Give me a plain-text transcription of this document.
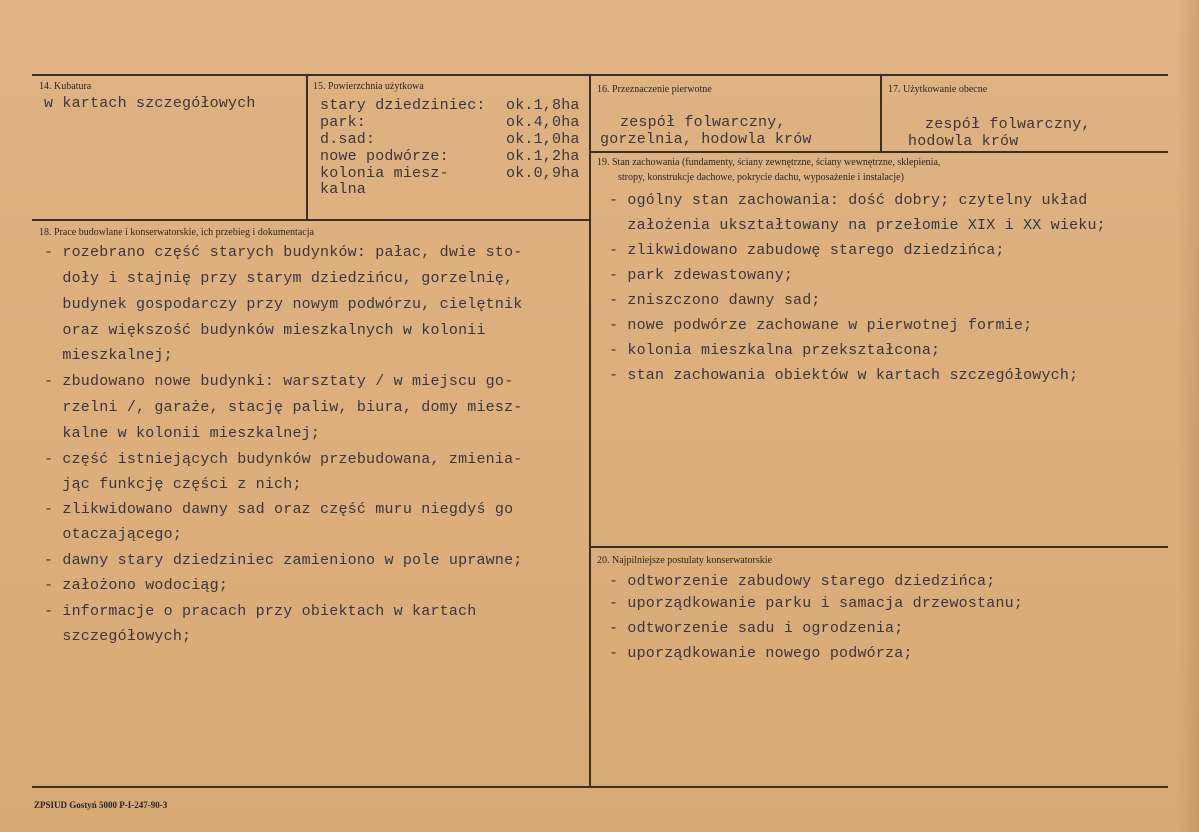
14. Kubatura
w kartach szczegółowych
15. Powierzchnia użytkowa
stary dziedziniec: ok.1,8ha
park:	ok.4,0ha
d.sad:	ok.1,0ha
nowe podwórze:	ok.1,2ha
kolonia miesz-	ok.0,9ha
kalna
16. Przeznaczenie pierwotne
zespół folwarczny,
gorzelnia, hodowla krów
17. Użytkowanie obecne
zespół folwarczny,
hodowla krów
18. Prace budowlane i konserwatorskie, ich przebieg i dokumentacja
- rozebrano część starych budynków: pałac, dwie sto-
doły i stajnię przy starym dziedzińcu, gorzelnię,
budynek gospodarczy przy nowym podwórzu, cielętnik
oraz większość budynków mieszkalnych w kolonii
mieszkalnej;
- zbudowano nowe budynki: warsztaty / w miejscu go-
rzelni /, garaże, stację paliw, biura, domy miesz-
kalne w kolonii mieszkalnej;
- część istniejących budynków przebudowana, zmienia-
jąc funkcję części z nich;
- zlikwidowano dawny sad oraz część muru niegdyś go
otaczającego;
- dawny stary dziedziniec zamieniono w pole uprawne;
- założono wodociąg;
- informacje o pracach przy obiektach w kartach
szczegółowych;
19. Stan zachowania (fundamenty, ściany zewnętrzne, ściany wewnętrzne, sklepienia,
stropy, konstrukcje dachowe, pokrycie dachu, wyposażenie i instalacje)
- ogólny stan zachowania: dość dobry; czytelny układ
założenia ukształtowany na przełomie XIX i XX wieku;
- zlikwidowano zabudowę starego dziedzińca;
- park zdewastowany;
- zniszczono dawny sad;
- nowe podwórze zachowane w pierwotnej formie;
- kolonia mieszkalna przekształcona;
- stan zachowania obiektów w kartach szczegółowych;
20. Najpilniejsze postulaty konserwatorskie
- odtworzenie zabudowy starego dziedzińca;
- uporządkowanie parku i samacja drzewostanu;
- odtworzenie sadu i ogrodzenia;
- uporządkowanie nowego podwórza;
ZPSIUD Gostyń 5000 P-I-247-90-3
